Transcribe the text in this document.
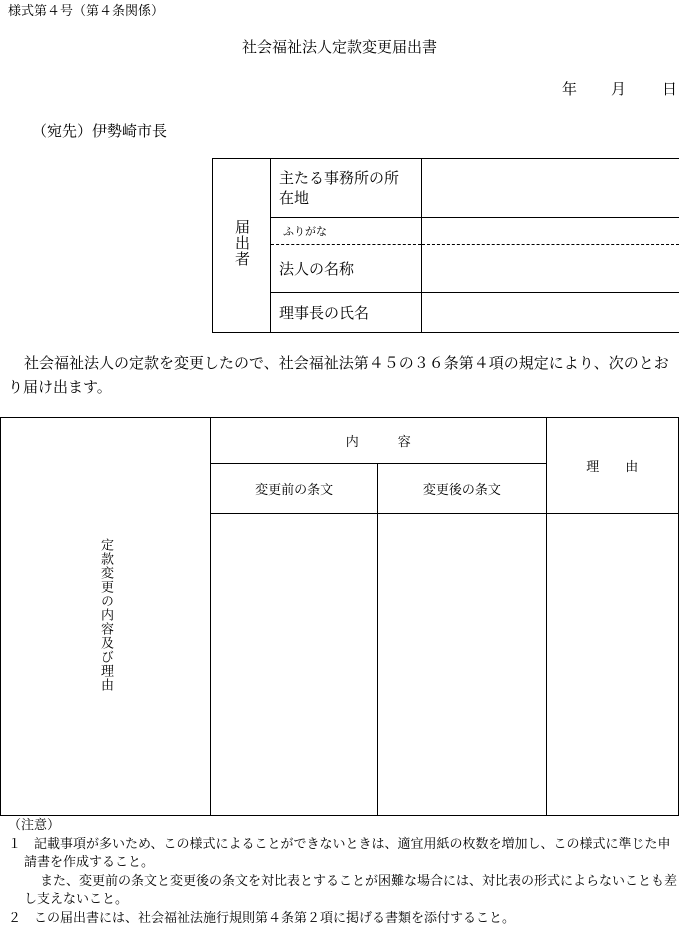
様式第４号（第４条関係）
社会福祉法人定款変更届出書
年 月 日
（宛先）伊勢崎市長
届出者	主たる事務所の所在地	
	ふりがな	
	法人の名称	
	理事長の氏名	
社会福祉法人の定款を変更したので、社会福祉法第４５の３６条第４項の規定により、次のとおり届け出ます。
定款変更の内容及び理由	内　　　容		理　　由
	変更前の条文	変更後の条文	

（注意）

１　記載事項が多いため、この様式によることができないときは、適宜用紙の枚数を増加し、この様式に準じた申請書を作成すること。

また、変更前の条文と変更後の条文を対比表とすることが困難な場合には、対比表の形式によらないことも差し支えないこと。

２　この届出書には、社会福祉法施行規則第４条第２項に掲げる書類を添付すること。
